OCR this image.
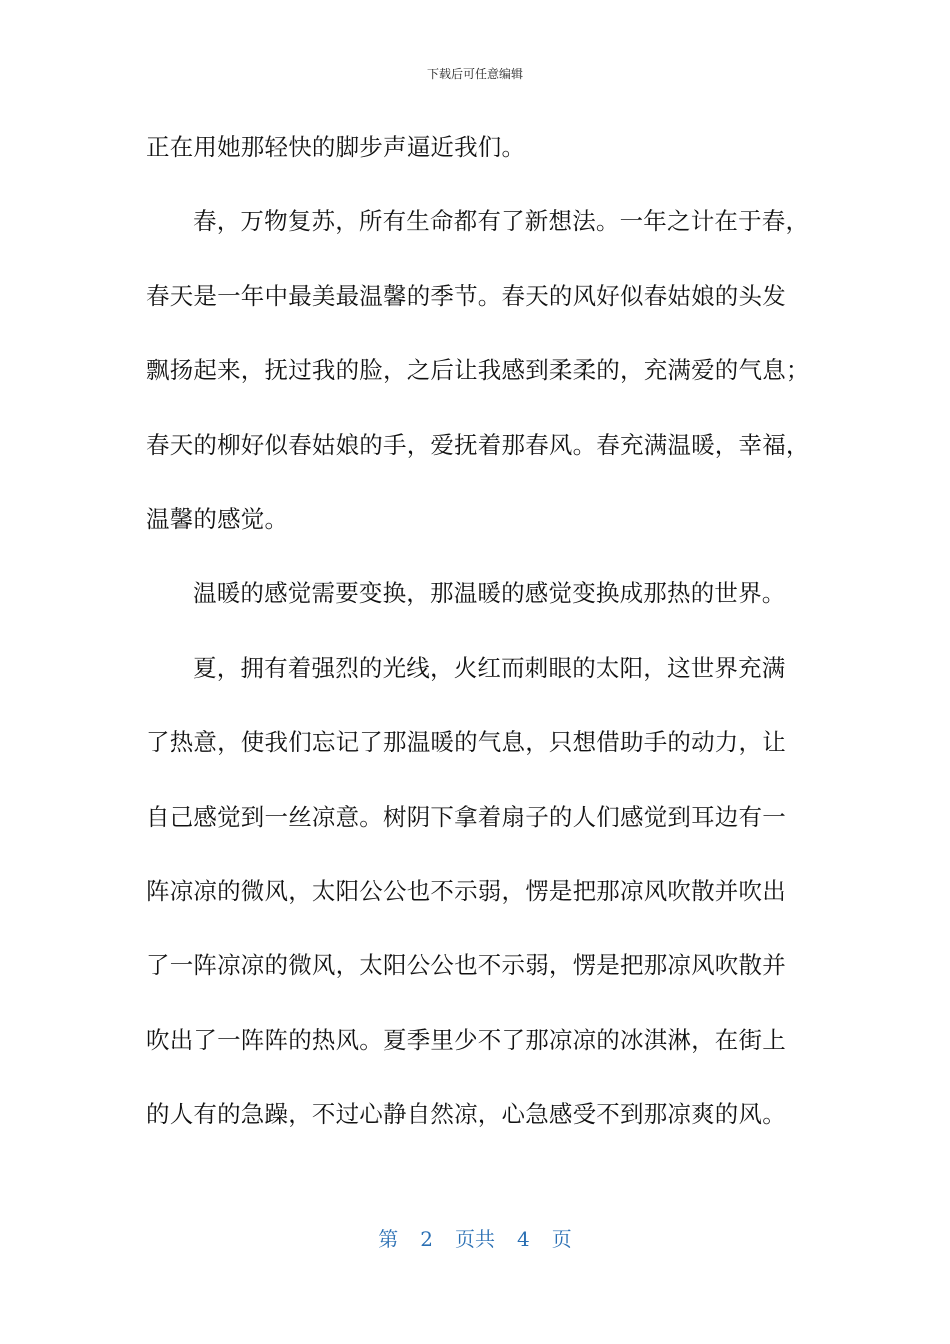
下载后可任意编辑
正在用她那轻快的脚步声逼近我们。
春，万物复苏，所有生命都有了新想法。一年之计在于春，
春天是一年中最美最温馨的季节。春天的风好似春姑娘的头发
飘扬起来，抚过我的脸，之后让我感到柔柔的，充满爱的气息；
春天的柳好似春姑娘的手，爱抚着那春风。春充满温暖，幸福，
温馨的感觉。
温暖的感觉需要变换，那温暖的感觉变换成那热的世界。
夏，拥有着强烈的光线，火红而刺眼的太阳，这世界充满
了热意，使我们忘记了那温暖的气息，只想借助手的动力，让
自己感觉到一丝凉意。树阴下拿着扇子的人们感觉到耳边有一
阵凉凉的微风，太阳公公也不示弱，愣是把那凉风吹散并吹出
了一阵凉凉的微风，太阳公公也不示弱，愣是把那凉风吹散并
吹出了一阵阵的热风。夏季里少不了那凉凉的冰淇淋，在街上
的人有的急躁，不过心静自然凉，心急感受不到那凉爽的风。
第 2 页共 4 页
